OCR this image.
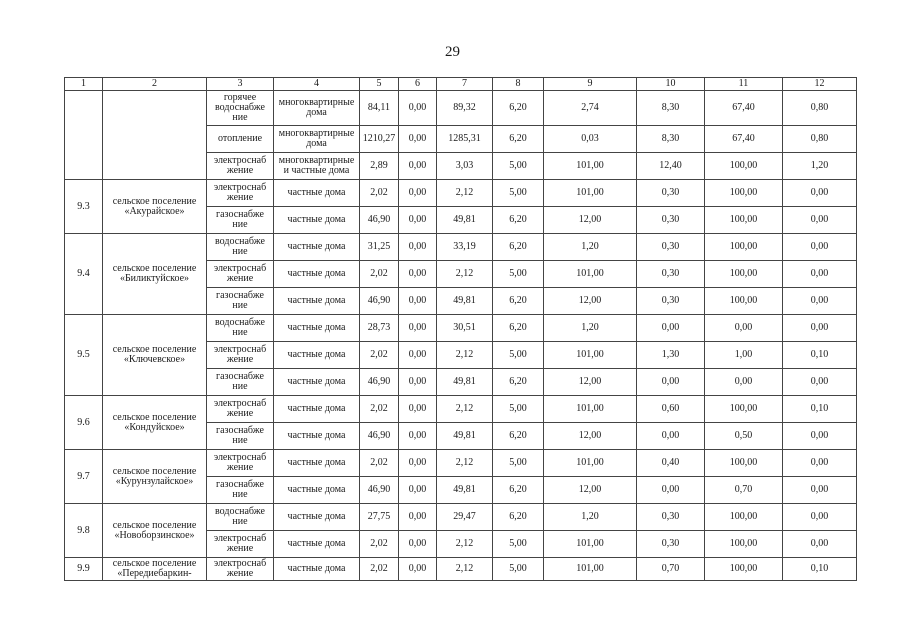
29
1	2	3	4	5	6	7	8	9	10	11	12
		горячее водоснабже ние	многоквартирные дома	84,11	0,00	89,32	6,20	2,74	8,30	67,40	0,80
		отопление	многоквартирные дома	1210,27	0,00	1285,31	6,20	0,03	8,30	67,40	0,80
		электроснаб жение	многоквартирные и частные дома	2,89	0,00	3,03	5,00	101,00	12,40	100,00	1,20
9.3	сельское поселение «Акурайское»	электроснаб жение	частные дома	2,02	0,00	2,12	5,00	101,00	0,30	100,00	0,00
		газоснабже ние	частные дома	46,90	0,00	49,81	6,20	12,00	0,30	100,00	0,00
9.4	сельское поселение «Биликтуйское»	водоснабже ние	частные дома	31,25	0,00	33,19	6,20	1,20	0,30	100,00	0,00
		электроснаб жение	частные дома	2,02	0,00	2,12	5,00	101,00	0,30	100,00	0,00
		газоснабже ние	частные дома	46,90	0,00	49,81	6,20	12,00	0,30	100,00	0,00
9.5	сельское поселение «Ключевское»	водоснабже ние	частные дома	28,73	0,00	30,51	6,20	1,20	0,00	0,00	0,00
		электроснаб жение	частные дома	2,02	0,00	2,12	5,00	101,00	1,30	1,00	0,10
		газоснабже ние	частные дома	46,90	0,00	49,81	6,20	12,00	0,00	0,00	0,00
9.6	сельское поселение «Кондуйское»	электроснаб жение	частные дома	2,02	0,00	2,12	5,00	101,00	0,60	100,00	0,10
		газоснабже ние	частные дома	46,90	0,00	49,81	6,20	12,00	0,00	0,50	0,00
9.7	сельское поселение «Курунзулайское»	электроснаб жение	частные дома	2,02	0,00	2,12	5,00	101,00	0,40	100,00	0,00
		газоснабже ние	частные дома	46,90	0,00	49,81	6,20	12,00	0,00	0,70	0,00
9.8	сельское поселение «Новоборзинское»	водоснабже ние	частные дома	27,75	0,00	29,47	6,20	1,20	0,30	100,00	0,00
		электроснаб жение	частные дома	2,02	0,00	2,12	5,00	101,00	0,30	100,00	0,00
9.9	сельское поселение «Передиебаркин-	электроснаб жение	частные дома	2,02	0,00	2,12	5,00	101,00	0,70	100,00	0,10
